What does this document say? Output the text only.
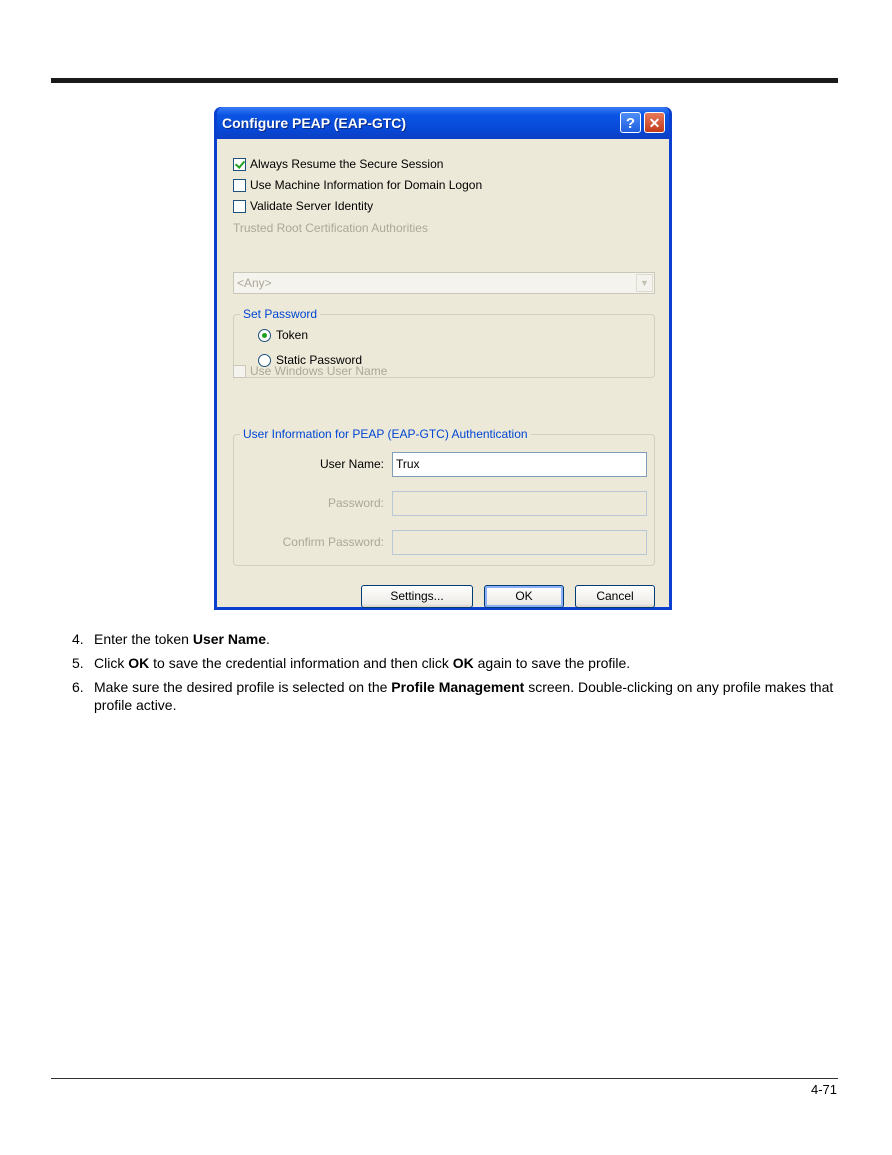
Configure PEAP (EAP-GTC)	? ✕
Always Resume the Secure Session
Use Machine Information for Domain Logon
Validate Server Identity
Trusted Root Certification Authorities
<Any>	▼
Set Password
Token
Static Password
Use Windows User Name
User Information for PEAP (EAP-GTC) Authentication
User Name:	Trux
Password:
Confirm Password:
Settings...	OK	Cancel
4. Enter the token User Name.
5. Click OK to save the credential information and then click OK again to save the profile.
6. Make sure the desired profile is selected on the Profile Management screen. Double-clicking on any profile makes that profile active.
4-71
